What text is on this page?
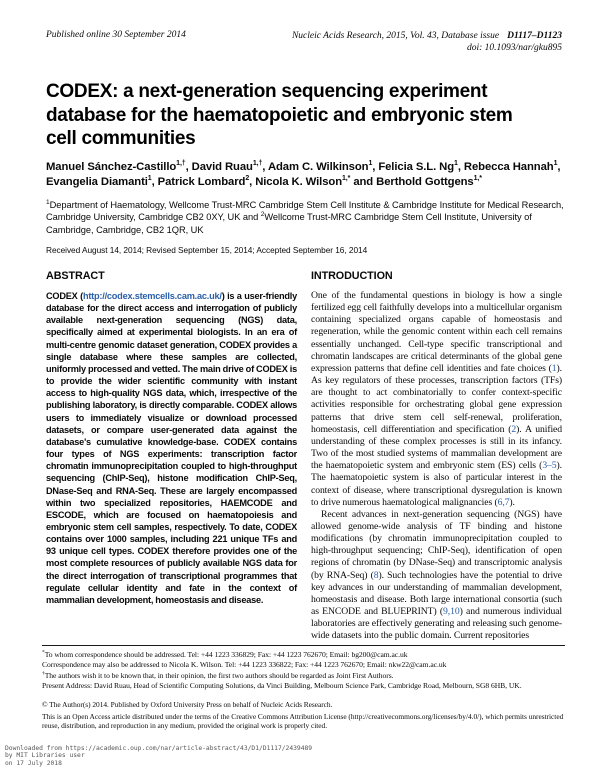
Published online 30 September 2014	Nucleic Acids Research, 2015, Vol. 43, Database issue D1117–D1123
doi: 10.1093/nar/gku895
CODEX: a next-generation sequencing experiment
database for the haematopoietic and embryonic stem
cell communities

Manuel Sánchez-Castillo$^{1,\dagger}$, David Ruau$^{1,\dagger}$, Adam C. Wilkinson$^1$, Felicia S.L. Ng$^1$, Rebecca Hannah$^1$, Evangelia Diamanti$^1$, Patrick Lombard$^2$, Nicola K. Wilson$^{1,*}$ and Berthold Gottgens$^{1,*}$

$^1$Department of Haematology, Wellcome Trust-MRC Cambridge Stem Cell Institute & Cambridge Institute for Medical Research, Cambridge University, Cambridge CB2 0XY, UK and $^2$Wellcome Trust-MRC Cambridge Stem Cell Institute, University of Cambridge, Cambridge, CB2 1QR, UK

Received August 14, 2014; Revised September 15, 2014; Accepted September 16, 2014

ABSTRACT

CODEX (http://codex.stemcells.cam.ac.uk/) is a user-friendly database for the direct access and interrogation of publicly available next-generation sequencing (NGS) data, specifically aimed at experimental biologists. In an era of multi-centre genomic dataset generation, CODEX provides a single database where these samples are collected, uniformly processed and vetted. The main drive of CODEX is to provide the wider scientific community with instant access to high-quality NGS data, which, irrespective of the publishing laboratory, is directly comparable. CODEX allows users to immediately visualize or download processed datasets, or compare user-generated data against the database's cumulative knowledge-base. CODEX contains four types of NGS experiments: transcription factor chromatin immunoprecipitation coupled to high-throughput sequencing (ChIP-Seq), histone modification ChIP-Seq, DNase-Seq and RNA-Seq. These are largely encompassed within two specialized repositories, HAEMCODE and ESCODE, which are focused on haematopoiesis and embryonic stem cell samples, respectively. To date, CODEX contains over 1000 samples, including 221 unique TFs and 93 unique cell types. CODEX therefore provides one of the most complete resources of publicly available NGS data for the direct interrogation of transcriptional programmes that regulate cellular identity and fate in the context of mammalian development, homeostasis and disease.

INTRODUCTION

One of the fundamental questions in biology is how a single fertilized egg cell faithfully develops into a multicellular organism containing specialized organs capable of homeostasis and regeneration, while the genomic content within each cell remains essentially unchanged. Cell-type specific transcriptional and chromatin landscapes are critical determinants of the global gene expression patterns that define cell identities and fate choices (1). As key regulators of these processes, transcription factors (TFs) are thought to act combinatorially to confer context-specific activities responsible for orchestrating global gene expression patterns that drive stem cell self-renewal, proliferation, homeostasis, cell differentiation and specification (2). A unified understanding of these complex processes is still in its infancy. Two of the most studied systems of mammalian development are the haematopoietic system and embryonic stem (ES) cells (3–5). The haematopoietic system is also of particular interest in the context of disease, where transcriptional dysregulation is known to drive numerous haematological malignancies (6,7).

Recent advances in next-generation sequencing (NGS) have allowed genome-wide analysis of TF binding and histone modifications (by chromatin immunoprecipitation coupled to high-throughput sequencing; ChIP-Seq), identification of open regions of chromatin (by DNase-Seq) and transcriptomic analysis (by RNA-Seq) (8). Such technologies have the potential to drive key advances in our understanding of mammalian development, homeostasis and disease. Both large international consortia (such as ENCODE and BLUEPRINT) (9,10) and numerous individual laboratories are effectively generating and releasing such genome-wide datasets into the public domain. Current repositories

*To whom correspondence should be addressed. Tel: +44 1223 336829; Fax: +44 1223 762670; Email: bg200@cam.ac.uk
Correspondence may also be addressed to Nicola K. Wilson. Tel: +44 1223 336822; Fax: +44 1223 762670; Email: nkw22@cam.ac.uk
†The authors wish it to be known that, in their opinion, the first two authors should be regarded as Joint First Authors.
Present Address: David Ruau, Head of Scientific Computing Solutions, da Vinci Building, Melbourn Science Park, Cambridge Road, Melbourn, SG8 6HB, UK.
© The Author(s) 2014. Published by Oxford University Press on behalf of Nucleic Acids Research.
This is an Open Access article distributed under the terms of the Creative Commons Attribution License (http://creativecommons.org/licenses/by/4.0/), which permits unrestricted reuse, distribution, and reproduction in any medium, provided the original work is properly cited.
Downloaded from https://academic.oup.com/nar/article-abstract/43/D1/D1117/2439489
by MIT Libraries user
on 17 July 2018
